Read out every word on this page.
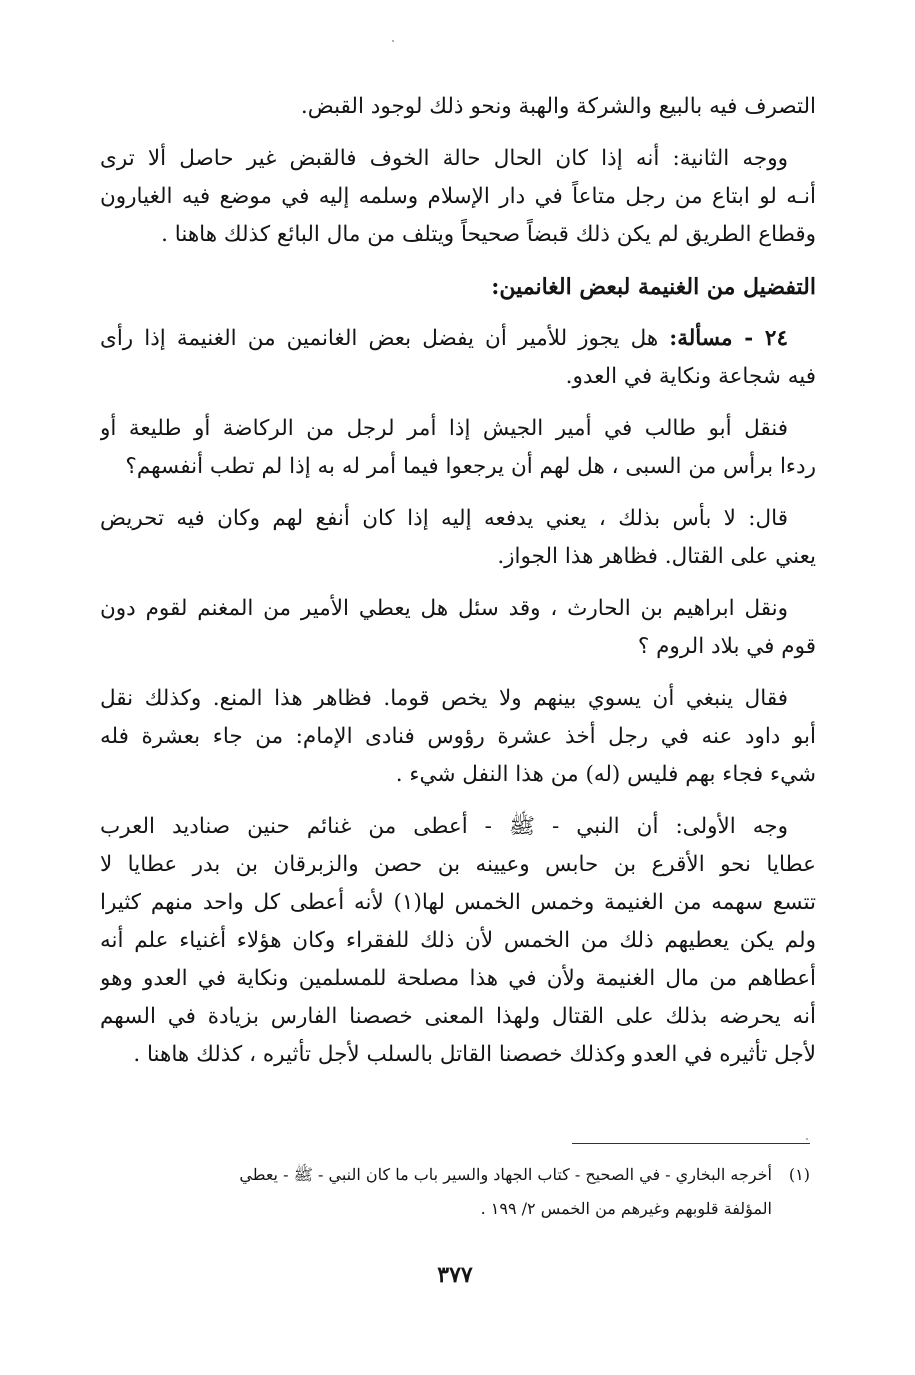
التصرف فيه بالبيع والشركة والهبة ونحو ذلك لوجود القبض.
ووجه الثانية: أنه إذا كان الحال حالة الخوف فالقبض غير حاصل ألا ترى
أنـه لو ابتاع من رجل متاعاً في دار الإسلام وسلمه إليه في موضع فيه الغيارون
وقطاع الطريق لم يكن ذلك قبضاً صحيحاً ويتلف من مال البائع كذلك هاهنا .
التفضيل من الغنيمة لبعض الغانمين:
٢٤ - مسألة: هل يجوز للأمير أن يفضل بعض الغانمين من الغنيمة إذا رأى
فيه شجاعة ونكاية في العدو.
فنقل أبو طالب في أمير الجيش إذا أمر لرجل من الركاضة أو طليعة أو
ردءا برأس من السبى ، هل لهم أن يرجعوا فيما أمر له به إذا لم تطب أنفسهم؟
قال: لا بأس بذلك ، يعني يدفعه إليه إذا كان أنفع لهم وكان فيه تحريض
يعني على القتال. فظاهر هذا الجواز.
ونقل ابراهيم بن الحارث ، وقد سئل هل يعطي الأمير من المغنم لقوم دون
قوم في بلاد الروم ؟
فقال ينبغي أن يسوي بينهم ولا يخص قوما. فظاهر هذا المنع. وكذلك نقل
أبو داود عنه في رجل أخذ عشرة رؤوس فنادى الإمام: من جاء بعشرة فله
شيء فجاء بهم فليس (له) من هذا النفل شيء .
وجه الأولى: أن النبي - ﷺ - أعطى من غنائم حنين صناديد العرب
عطايا نحو الأقرع بن حابس وعيينه بن حصن والزبرقان بن بدر عطايا لا
تتسع سهمه من الغنيمة وخمس الخمس لها(١) لأنه أعطى كل واحد منهم كثيرا
ولم يكن يعطيهم ذلك من الخمس لأن ذلك للفقراء وكان هؤلاء أغنياء علم أنه
أعطاهم من مال الغنيمة ولأن في هذا مصلحة للمسلمين ونكاية في العدو وهو
أنه يحرضه بذلك على القتال ولهذا المعنى خصصنا الفارس بزيادة في السهم
لأجل تأثيره في العدو وكذلك خصصنا القاتل بالسلب لأجل تأثيره ، كذلك هاهنا .
(١)أخرجه البخاري - في الصحيح - كتاب الجهاد والسير باب ما كان النبي - ﷺ - يعطي
المؤلفة قلوبهم وغيرهم من الخمس ٢/ ١٩٩ .
٣٧٧
